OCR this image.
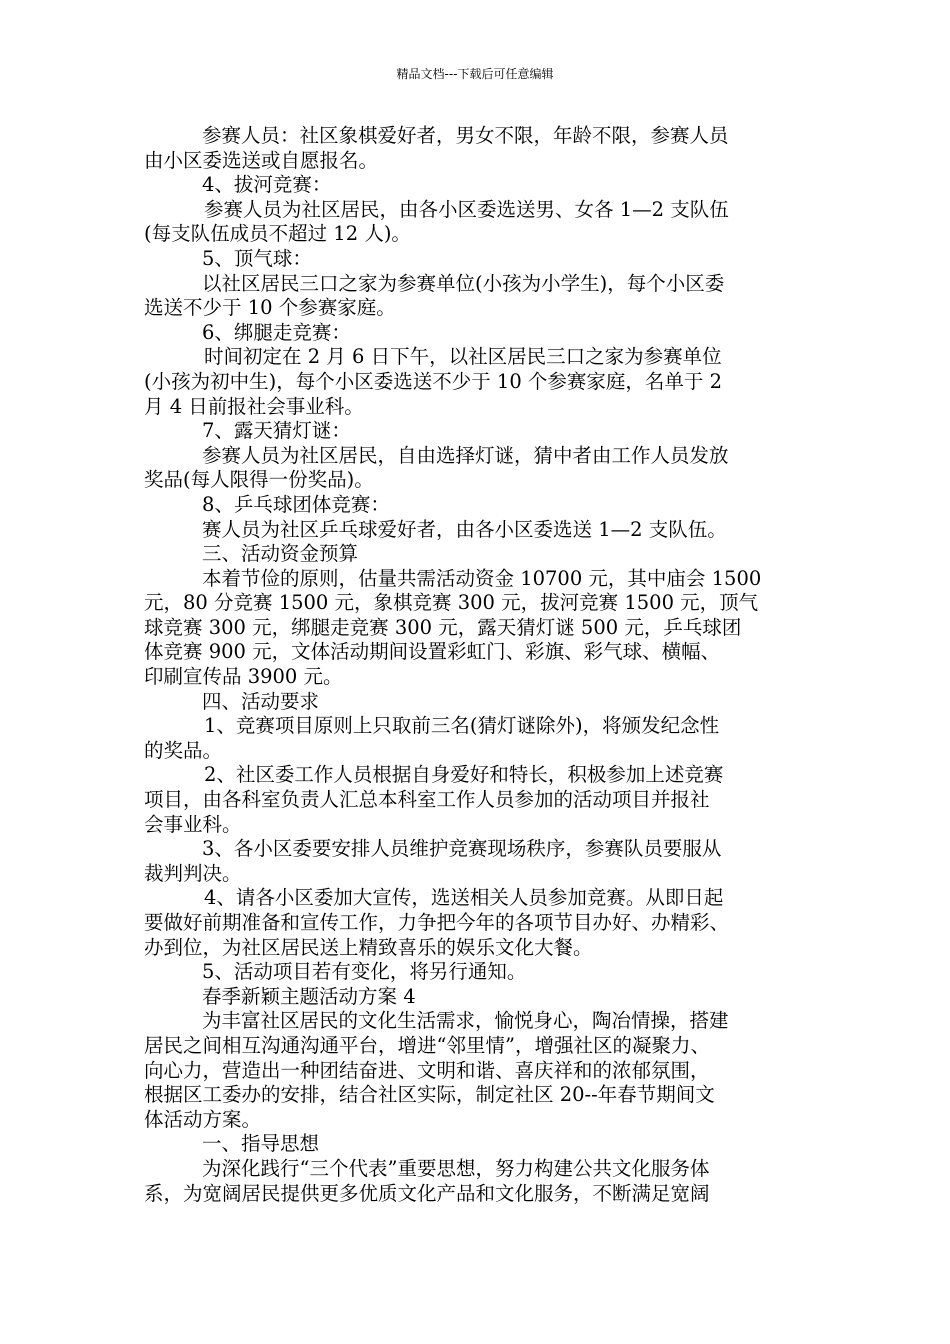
精品文档---下载后可任意编辑
参赛人员：社区象棋爱好者，男女不限，年龄不限，参赛人员
由小区委选送或自愿报名。
4、拔河竞赛：
参赛人员为社区居民，由各小区委选送男、女各 1—2 支队伍
(每支队伍成员不超过 12 人)。
5、顶气球：
以社区居民三口之家为参赛单位(小孩为小学生)，每个小区委
选送不少于 10 个参赛家庭。
6、绑腿走竞赛：
时间初定在 2 月 6 日下午，以社区居民三口之家为参赛单位
(小孩为初中生)，每个小区委选送不少于 10 个参赛家庭，名单于 2
月 4 日前报社会事业科。
7、露天猜灯谜：
参赛人员为社区居民，自由选择灯谜，猜中者由工作人员发放
奖品(每人限得一份奖品)。
8、乒乓球团体竞赛：
赛人员为社区乒乓球爱好者，由各小区委选送 1—2 支队伍。
三、活动资金预算
本着节俭的原则，估量共需活动资金 10700 元，其中庙会 1500
元，80 分竞赛 1500 元，象棋竞赛 300 元，拔河竞赛 1500 元，顶气
球竞赛 300 元，绑腿走竞赛 300 元，露天猜灯谜 500 元，乒乓球团
体竞赛 900 元，文体活动期间设置彩虹门、彩旗、彩气球、横幅、
印刷宣传品 3900 元。
四、活动要求
1、竞赛项目原则上只取前三名(猜灯谜除外)，将颁发纪念性
的奖品。
2、社区委工作人员根据自身爱好和特长，积极参加上述竞赛
项目，由各科室负责人汇总本科室工作人员参加的活动项目并报社
会事业科。
3、各小区委要安排人员维护竞赛现场秩序，参赛队员要服从
裁判判决。
4、请各小区委加大宣传，选送相关人员参加竞赛。从即日起
要做好前期准备和宣传工作，力争把今年的各项节目办好、办精彩、
办到位，为社区居民送上精致喜乐的娱乐文化大餐。
5、活动项目若有变化，将另行通知。
春季新颖主题活动方案 4
为丰富社区居民的文化生活需求，愉悦身心，陶冶情操，搭建
居民之间相互沟通沟通平台，增进“邻里情”，增强社区的凝聚力、
向心力，营造出一种团结奋进、文明和谐、喜庆祥和的浓郁氛围，
根据区工委办的安排，结合社区实际，制定社区 20--年春节期间文
体活动方案。
一、指导思想
为深化践行“三个代表”重要思想，努力构建公共文化服务体
系，为宽阔居民提供更多优质文化产品和文化服务，不断满足宽阔
